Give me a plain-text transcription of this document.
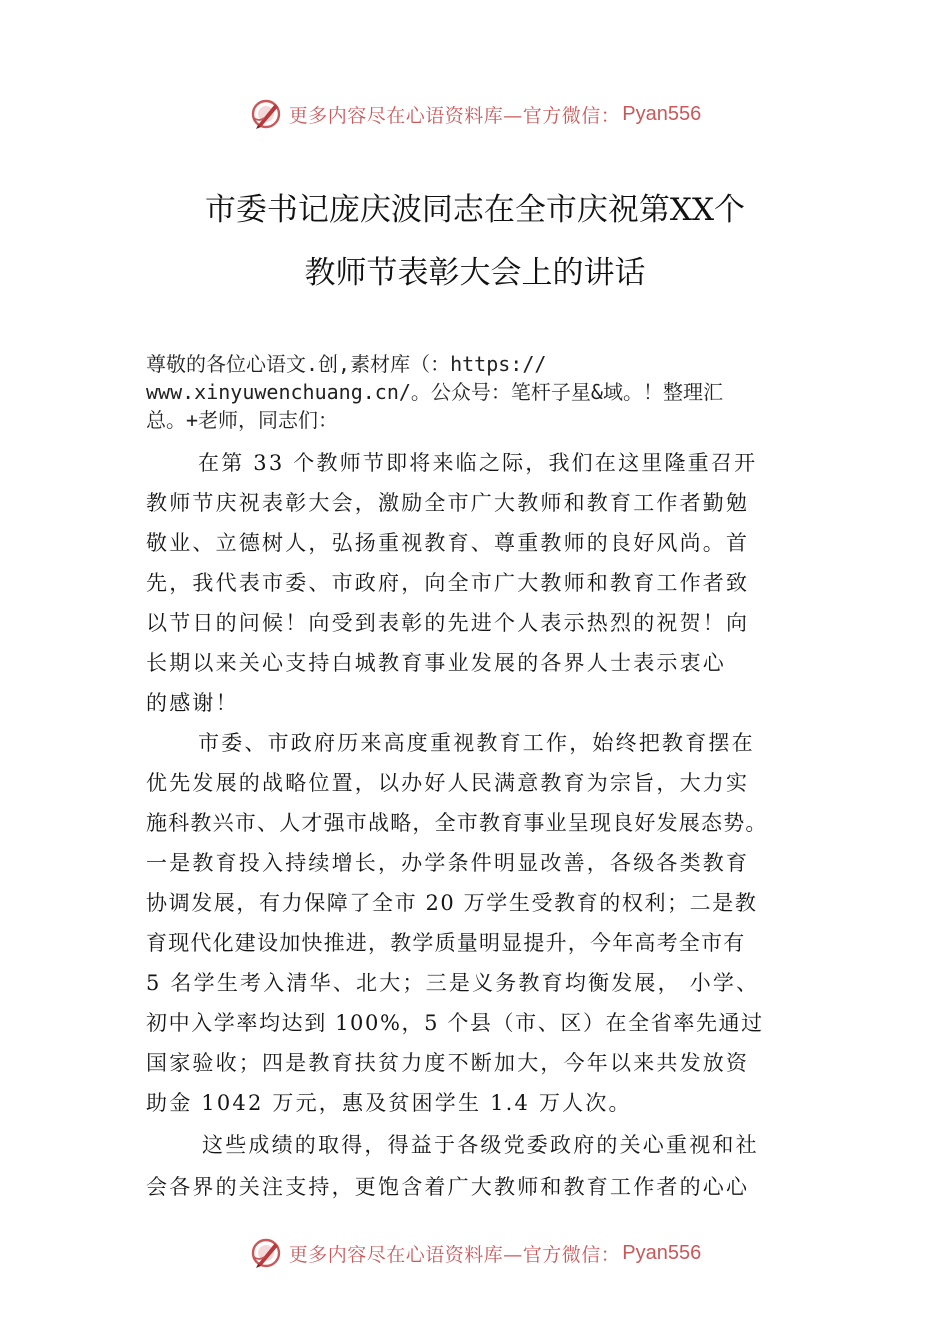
更多内容尽在心语资料库—官方微信： Pyan556
市委书记庞庆波同志在全市庆祝第XX个
教师节表彰大会上的讲话
尊敬的各位心语文.创,素材库（：https://
www.xinyuwenchuang.cn/。公众号：笔杆子星&域。！整理汇
总。+老师，同志们：
在第 33 个教师节即将来临之际，我们在这里隆重召开
教师节庆祝表彰大会，激励全市广大教师和教育工作者勤勉
敬业、立德树人，弘扬重视教育、尊重教师的良好风尚。首
先，我代表市委、市政府，向全市广大教师和教育工作者致
以节日的问候！向受到表彰的先进个人表示热烈的祝贺！向
长期以来关心支持白城教育事业发展的各界人士表示衷心
的感谢！
市委、市政府历来高度重视教育工作，始终把教育摆在
优先发展的战略位置，以办好人民满意教育为宗旨，大力实
施科教兴市、人才强市战略，全市教育事业呈现良好发展态势。
一是教育投入持续增长，办学条件明显改善，各级各类教育
协调发展，有力保障了全市 20 万学生受教育的权利；二是教
育现代化建设加快推进，教学质量明显提升，今年高考全市有
5 名学生考入清华、北大；三是义务教育均衡发展， 小学、
初中入学率均达到 100%，5 个县（市、区）在全省率先通过
国家验收；四是教育扶贫力度不断加大，今年以来共发放资
助金 1042 万元，惠及贫困学生 1.4 万人次。
这些成绩的取得，得益于各级党委政府的关心重视和社
会各界的关注支持，更饱含着广大教师和教育工作者的心心
更多内容尽在心语资料库—官方微信： Pyan556
